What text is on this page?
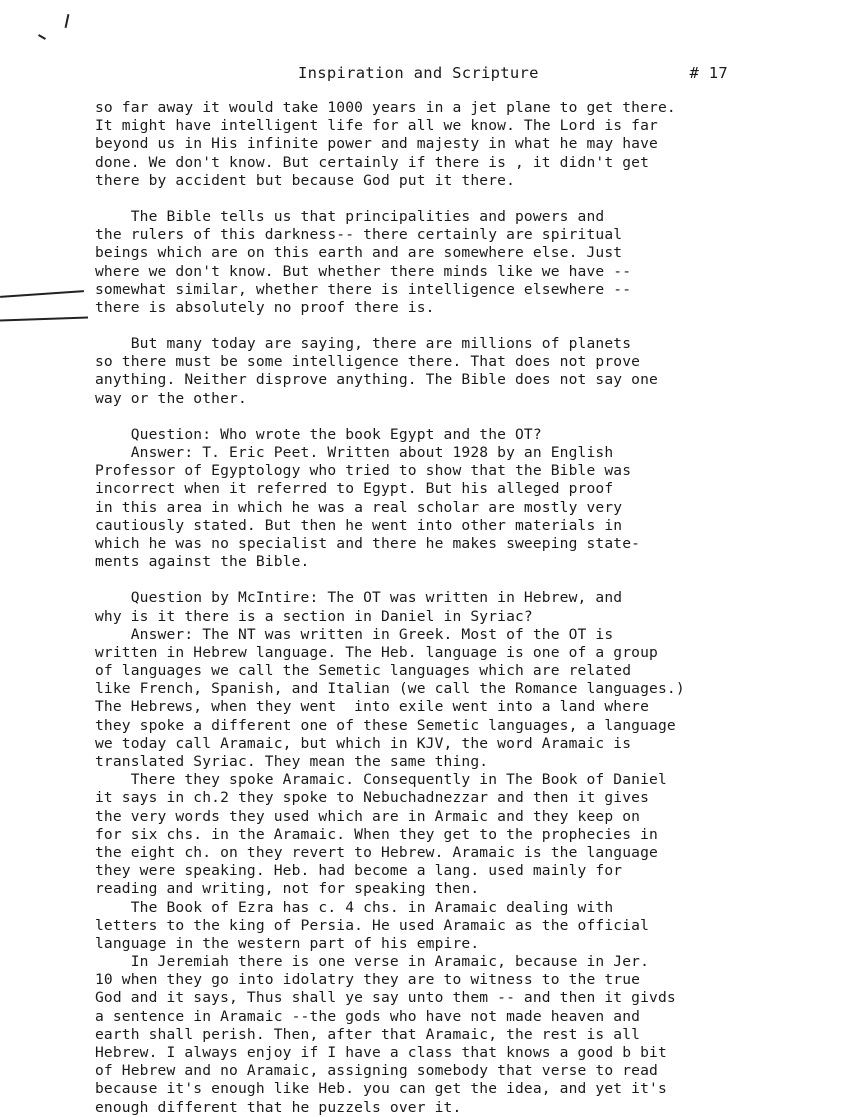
Inspiration and Scripture	# 17
so far away it would take 1000 years in a jet plane to get there.
It might have intelligent life for all we know. The Lord is far
beyond us in His infinite power and majesty in what he may have
done. We don't know. But certainly if there is , it didn't get
there by accident but because God put it there.
The Bible tells us that principalities and powers and
the rulers of this darkness-- there certainly are spiritual
beings which are on this earth and are somewhere else. Just
where we don't know. But whether there minds like we have --
somewhat similar, whether there is intelligence elsewhere --
there is absolutely no proof there is.
But many today are saying, there are millions of planets
so there must be some intelligence there. That does not prove
anything. Neither disprove anything. The Bible does not say one
way or the other.
Question: Who wrote the book Egypt and the OT?
Answer: T. Eric Peet. Written about 1928 by an English
Professor of Egyptology who tried to show that the Bible was
incorrect when it referred to Egypt. But his alleged proof
in this area in which he was a real scholar are mostly very
cautiously stated. But then he went into other materials in
which he was no specialist and there he makes sweeping state-
ments against the Bible.
Question by McIntire: The OT was written in Hebrew, and
why is it there is a section in Daniel in Syriac?
Answer: The NT was written in Greek. Most of the OT is
written in Hebrew language. The Heb. language is one of a group
of languages we call the Semetic languages which are related
like French, Spanish, and Italian (we call the Romance languages.)
The Hebrews, when they went  into exile went into a land where
they spoke a different one of these Semetic languages, a language
we today call Aramaic, but which in KJV, the word Aramaic is
translated Syriac. They mean the same thing.
There they spoke Aramaic. Consequently in The Book of Daniel
it says in ch.2 they spoke to Nebuchadnezzar and then it gives
the very words they used which are in Armaic and they keep on
for six chs. in the Aramaic. When they get to the prophecies in
the eight ch. on they revert to Hebrew. Aramaic is the language
they were speaking. Heb. had become a lang. used mainly for
reading and writing, not for speaking then.
The Book of Ezra has c. 4 chs. in Aramaic dealing with
letters to the king of Persia. He used Aramaic as the official
language in the western part of his empire.
In Jeremiah there is one verse in Aramaic, because in Jer.
10 when they go into idolatry they are to witness to the true
God and it says, Thus shall ye say unto them -- and then it givds
a sentence in Aramaic --the gods who have not made heaven and
earth shall perish. Then, after that Aramaic, the rest is all
Hebrew. I always enjoy if I have a class that knows a good b bit
of Hebrew and no Aramaic, assigning somebody that verse to read
because it's enough like Heb. you can get the idea, and yet it's
enough different that he puzzels over it.
